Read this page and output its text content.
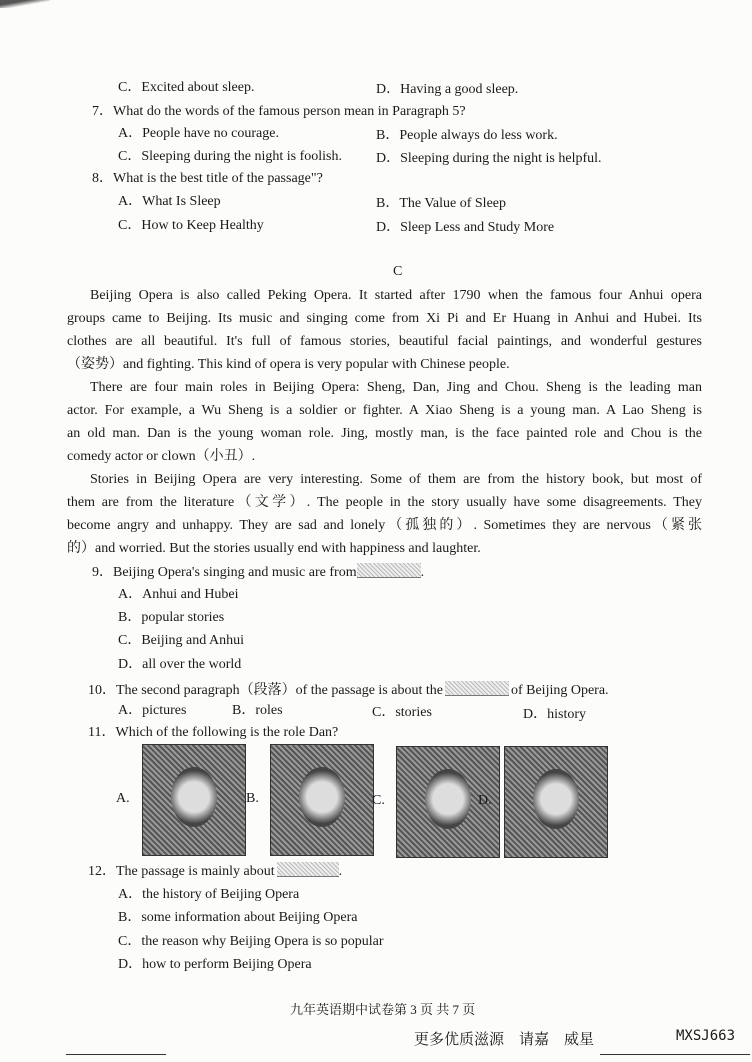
C．Excited about sleep.	D．Having a good sleep.
7．What do the words of the famous person mean in Paragraph 5?
A．People have no courage.	B．People always do less work.
C．Sleeping during the night is foolish. D．Sleeping during the night is helpful.
8．What is the best title of the passage"?
A．What Is Sleep	B．The Value of Sleep
C．How to Keep Healthy	D．Sleep Less and Study More
C
Beijing Opera is also called Peking Opera. It started after 1790 when the famous four Anhui opera
groups came to Beijing. Its music and singing come from Xi Pi and Er Huang in Anhui and Hubei. Its
clothes are all beautiful. It's full of famous stories, beautiful facial paintings, and wonderful gestures
（姿势）and fighting. This kind of opera is very popular with Chinese people.
There are four main roles in Beijing Opera: Sheng, Dan, Jing and Chou. Sheng is the leading man
actor. For example, a Wu Sheng is a soldier or fighter. A Xiao Sheng is a young man. A Lao Sheng is
an old man. Dan is the young woman role. Jing, mostly man, is the face painted role and Chou is the
comedy actor or clown（小丑）.
Stories in Beijing Opera are very interesting. Some of them are from the history book, but most of
them are from the literature（文学）. The people in the story usually have some disagreements. They
become angry and unhappy. They are sad and lonely（孤独的）. Sometimes they are nervous（紧张
的）and worried. But the stories usually end with happiness and laughter.
9．Beijing Opera's singing and music are from	.
A．Anhui and Hubei
B．popular stories
C．Beijing and Anhui
D．all over the world
10．The second paragraph（段落）of the passage is about the	of Beijing Opera.
A．pictures	B．roles	C．stories	D．history
11．Which of the following is the role Dan?
A.	B.	C.	D.
12．The passage is mainly about	.
A．the history of Beijing Opera
B．some information about Beijing Opera
C．the reason why Beijing Opera is so popular
D．how to perform Beijing Opera
九年英语期中试卷第 3 页 共 7 页
更多优质滋源　请嘉　威星	MXSJ663
